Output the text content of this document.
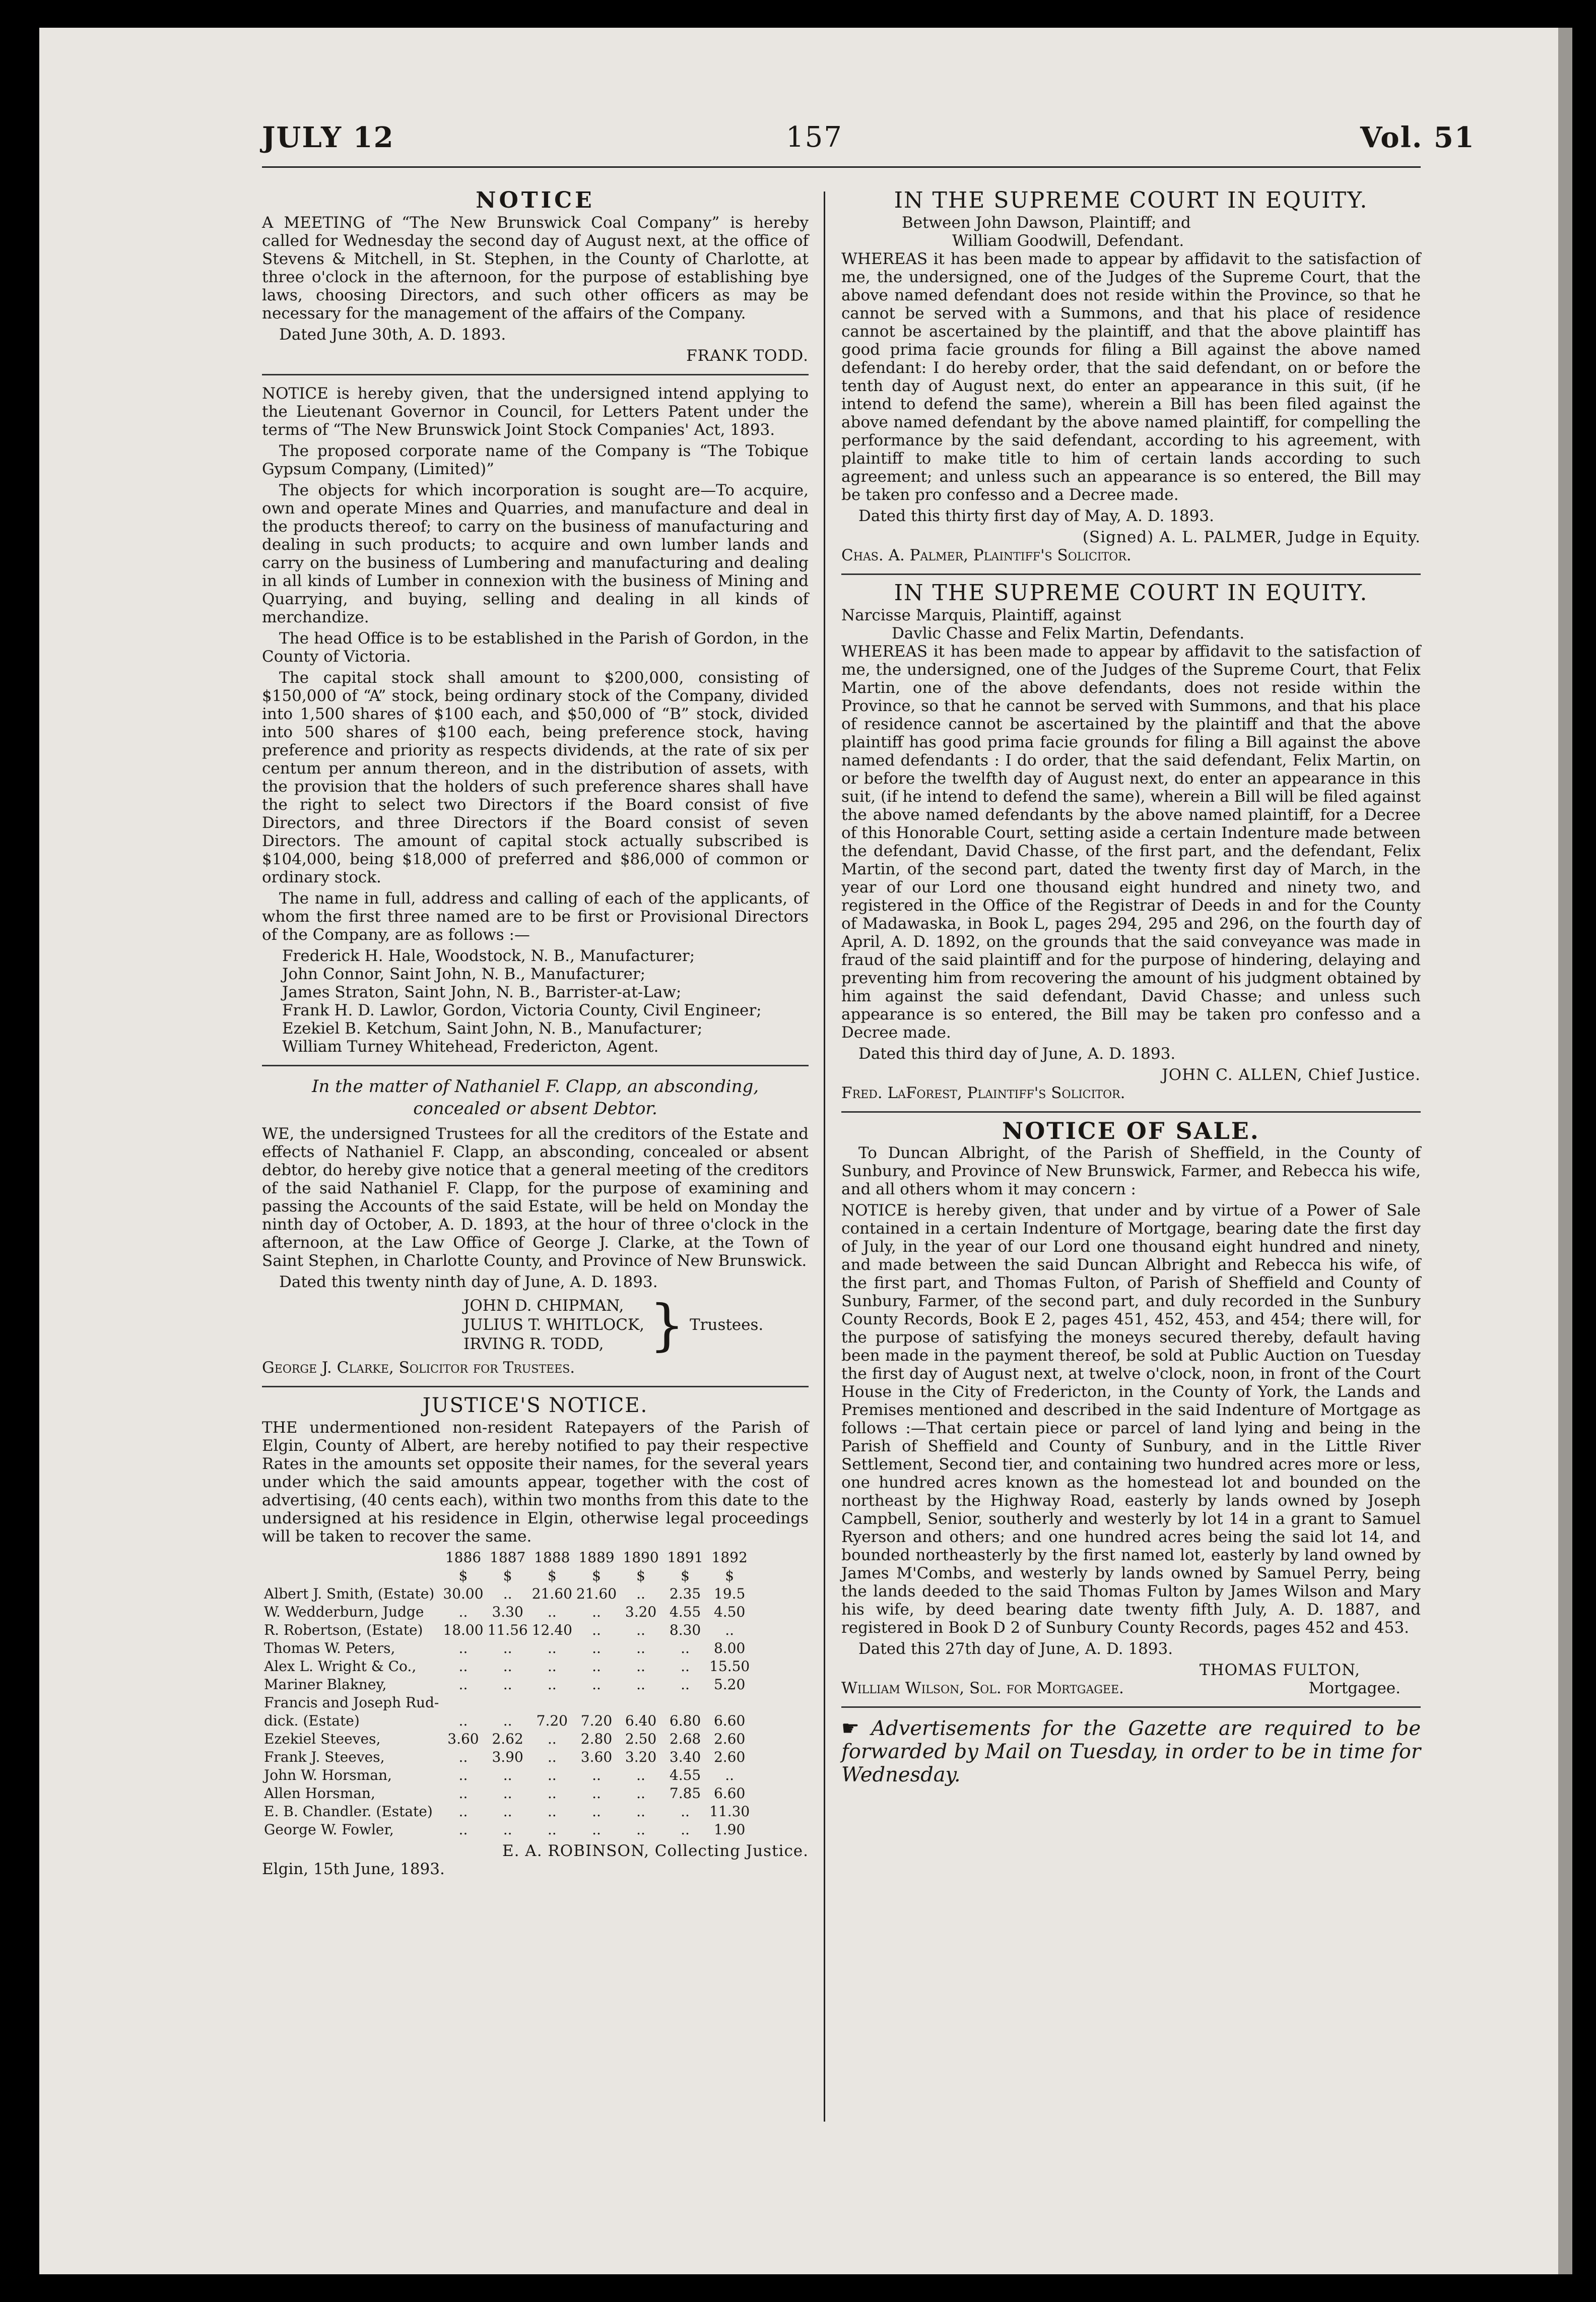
JULY 12	157	Vol. 51
NOTICE

A MEETING of “The New Brunswick Coal Company” is hereby called for Wednesday the second day of August next, at the office of Stevens & Mitchell, in St. Stephen, in the County of Charlotte, at three o'clock in the afternoon, for the purpose of establishing bye laws, choosing Directors, and such other officers as may be necessary for the management of the affairs of the Company.

Dated June 30th, A. D. 1893.

FRANK TODD.

NOTICE is hereby given, that the undersigned intend applying to the Lieutenant Governor in Council, for Letters Patent under the terms of “The New Brunswick Joint Stock Companies' Act, 1893.

The proposed corporate name of the Company is “The Tobique Gypsum Company, (Limited)”

The objects for which incorporation is sought are—To acquire, own and operate Mines and Quarries, and manufacture and deal in the products thereof; to carry on the business of manufacturing and dealing in such products; to acquire and own lumber lands and carry on the business of Lumbering and manufacturing and dealing in all kinds of Lumber in connexion with the business of Mining and Quarrying, and buying, selling and dealing in all kinds of merchandize.

The head Office is to be established in the Parish of Gordon, in the County of Victoria.

The capital stock shall amount to $200,000, consisting of $150,000 of “A” stock, being ordinary stock of the Company, divided into 1,500 shares of $100 each, and $50,000 of “B” stock, divided into 500 shares of $100 each, being preference stock, having preference and priority as respects dividends, at the rate of six per centum per annum thereon, and in the distribution of assets, with the provision that the holders of such preference shares shall have the right to select two Directors if the Board consist of five Directors, and three Directors if the Board consist of seven Directors. The amount of capital stock actually subscribed is $104,000, being $18,000 of preferred and $86,000 of common or ordinary stock.

The name in full, address and calling of each of the applicants, of whom the first three named are to be first or Provisional Directors of the Company, are as follows :—

Frederick H. Hale, Woodstock, N. B., Manufacturer;
John Connor, Saint John, N. B., Manufacturer;
James Straton, Saint John, N. B., Barrister-at-Law;
Frank H. D. Lawlor, Gordon, Victoria County, Civil Engineer;
Ezekiel B. Ketchum, Saint John, N. B., Manufacturer;
William Turney Whitehead, Fredericton, Agent.
In the matter of Nathaniel F. Clapp, an absconding,
concealed or absent Debtor.

WE, the undersigned Trustees for all the creditors of the Estate and effects of Nathaniel F. Clapp, an absconding, concealed or absent debtor, do hereby give notice that a general meeting of the creditors of the said Nathaniel F. Clapp, for the purpose of examining and passing the Accounts of the said Estate, will be held on Monday the ninth day of October, A. D. 1893, at the hour of three o'clock in the afternoon, at the Law Office of George J. Clarke, at the Town of Saint Stephen, in Charlotte County, and Province of New Brunswick.

Dated this twenty ninth day of June, A. D. 1893.

JOHN D. CHIPMAN,
JULIUS T. WHITLOCK,
IRVING R. TODD, } Trustees.
George J. Clarke, Solicitor for Trustees.
JUSTICE'S NOTICE.

THE undermentioned non-resident Ratepayers of the Parish of Elgin, County of Albert, are hereby notified to pay their respective Rates in the amounts set opposite their names, for the several years under which the said amounts appear, together with the cost of advertising, (40 cents each), within two months from this date to the undersigned at his residence in Elgin, otherwise legal proceedings will be taken to recover the same.

	1886	1887	1888	1889	1890	1891	1892
	$	$	$	$	$	$	$
Albert J. Smith, (Estate)	30.00	..	21.60	21.60	..	2.35	19.5
W. Wedderburn, Judge	..	3.30	..	..	3.20	4.55	4.50
R. Robertson, (Estate)	18.00	11.56	12.40	..	..	8.30	..
Thomas W. Peters,	..	..	..	..	..	..	8.00
Alex L. Wright & Co.,	..	..	..	..	..	..	15.50
Mariner Blakney,	..	..	..	..	..	..	5.20
Francis and Joseph Rud-							
dick. (Estate)	..	..	7.20	7.20	6.40	6.80	6.60
Ezekiel Steeves,	3.60	2.62	..	2.80	2.50	2.68	2.60
Frank J. Steeves,	..	3.90	..	3.60	3.20	3.40	2.60
John W. Horsman,	..	..	..	..	..	4.55	..
Allen Horsman,	..	..	..	..	..	7.85	6.60
E. B. Chandler. (Estate)	..	..	..	..	..	..	11.30
George W. Fowler,	..	..	..	..	..	..	1.90
E. A. ROBINSON, Collecting Justice.
Elgin, 15th June, 1893.
IN THE SUPREME COURT IN EQUITY.
Between John Dawson, Plaintiff; and
William Goodwill, Defendant.

WHEREAS it has been made to appear by affidavit to the satisfaction of me, the undersigned, one of the Judges of the Supreme Court, that the above named defendant does not reside within the Province, so that he cannot be served with a Summons, and that his place of residence cannot be ascertained by the plaintiff, and that the above plaintiff has good prima facie grounds for filing a Bill against the above named defendant: I do hereby order, that the said defendant, on or before the tenth day of August next, do enter an appearance in this suit, (if he intend to defend the same), wherein a Bill has been filed against the above named defendant by the above named plaintiff, for compelling the performance by the said defendant, according to his agreement, with plaintiff to make title to him of certain lands according to such agreement; and unless such an appearance is so entered, the Bill may be taken pro confesso and a Decree made.

Dated this thirty first day of May, A. D. 1893.

(Signed) A. L. PALMER, Judge in Equity.
Chas. A. Palmer, Plaintiff's Solicitor.
IN THE SUPREME COURT IN EQUITY.
Narcisse Marquis, Plaintiff, against
Davlic Chasse and Felix Martin, Defendants.

WHEREAS it has been made to appear by affidavit to the satisfaction of me, the undersigned, one of the Judges of the Supreme Court, that Felix Martin, one of the above defendants, does not reside within the Province, so that he cannot be served with Summons, and that his place of residence cannot be ascertained by the plaintiff and that the above plaintiff has good prima facie grounds for filing a Bill against the above named defendants : I do order, that the said defendant, Felix Martin, on or before the twelfth day of August next, do enter an appearance in this suit, (if he intend to defend the same), wherein a Bill will be filed against the above named defendants by the above named plaintiff, for a Decree of this Honorable Court, setting aside a certain Indenture made between the defendant, David Chasse, of the first part, and the defendant, Felix Martin, of the second part, dated the twenty first day of March, in the year of our Lord one thousand eight hundred and ninety two, and registered in the Office of the Registrar of Deeds in and for the County of Madawaska, in Book L, pages 294, 295 and 296, on the fourth day of April, A. D. 1892, on the grounds that the said conveyance was made in fraud of the said plaintiff and for the purpose of hindering, delaying and preventing him from recovering the amount of his judgment obtained by him against the said defendant, David Chasse; and unless such appearance is so entered, the Bill may be taken pro confesso and a Decree made.

Dated this third day of June, A. D. 1893.

JOHN C. ALLEN, Chief Justice.
Fred. LaForest, Plaintiff's Solicitor.
NOTICE OF SALE.

To Duncan Albright, of the Parish of Sheffield, in the County of Sunbury, and Province of New Brunswick, Farmer, and Rebecca his wife, and all others whom it may concern :

NOTICE is hereby given, that under and by virtue of a Power of Sale contained in a certain Indenture of Mortgage, bearing date the first day of July, in the year of our Lord one thousand eight hundred and ninety, and made between the said Duncan Albright and Rebecca his wife, of the first part, and Thomas Fulton, of Parish of Sheffield and County of Sunbury, Farmer, of the second part, and duly recorded in the Sunbury County Records, Book E 2, pages 451, 452, 453, and 454; there will, for the purpose of satisfying the moneys secured thereby, default having been made in the payment thereof, be sold at Public Auction on Tuesday the first day of August next, at twelve o'clock, noon, in front of the Court House in the City of Fredericton, in the County of York, the Lands and Premises mentioned and described in the said Indenture of Mortgage as follows :—That certain piece or parcel of land lying and being in the Parish of Sheffield and County of Sunbury, and in the Little River Settlement, Second tier, and containing two hundred acres more or less, one hundred acres known as the homestead lot and bounded on the northeast by the Highway Road, easterly by lands owned by Joseph Campbell, Senior, southerly and westerly by lot 14 in a grant to Samuel Ryerson and others; and one hundred acres being the said lot 14, and bounded northeasterly by the first named lot, easterly by land owned by James M'Combs, and westerly by lands owned by Samuel Perry, being the lands deeded to the said Thomas Fulton by James Wilson and Mary his wife, by deed bearing date twenty fifth July, A. D. 1887, and registered in Book D 2 of Sunbury County Records, pages 452 and 453.

Dated this 27th day of June, A. D. 1893.

THOMAS FULTON,
William Wilson, Sol. for Mortgagee.	Mortgagee.
☛ Advertisements for the Gazette are required to be forwarded by Mail on Tuesday, in order to be in time for Wednesday.
